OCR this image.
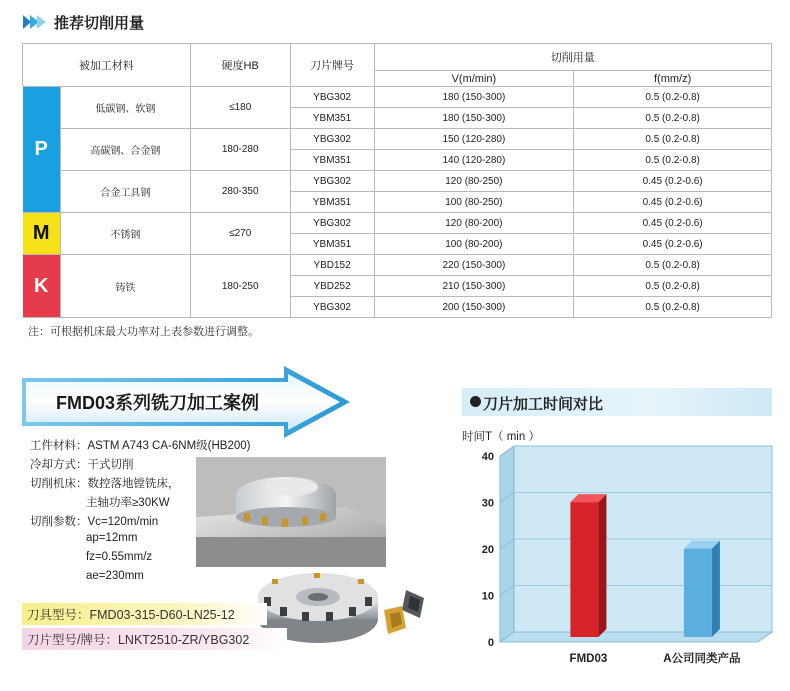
推荐切削用量
被加工材料		硬度HB	刀片牌号	切削用量	
				V(m/min)	f(mm/z)
P	低碳钢、软钢	≤180	YBG302	180 (150-300)	0.5 (0.2-0.8)
			YBM351	180 (150-300)	0.5 (0.2-0.8)
	高碳钢、合金钢	180-280	YBG302	150 (120-280)	0.5 (0.2-0.8)
			YBM351	140 (120-280)	0.5 (0.2-0.8)
	合金工具钢	280-350	YBG302	120 (80-250)	0.45 (0.2-0.6)
			YBM351	100 (80-250)	0.45 (0.2-0.6)
M	不锈钢	≤270	YBG302	120 (80-200)	0.45 (0.2-0.6)
			YBM351	100 (80-200)	0.45 (0.2-0.6)
K	铸铁	180-250	YBD152	220 (150-300)	0.5 (0.2-0.8)
			YBD252	210 (150-300)	0.5 (0.2-0.8)
			YBG302	200 (150-300)	0.5 (0.2-0.8)
注：可根据机床最大功率对上表参数进行调整。
FMD03系列铣刀加工案例
工件材料：ASTM A743 CA-6NM级(HB200)
冷却方式：干式切削
切削机床：数控落地镗铣床，
主轴功率≥30KW
切削参数：Vc=120m/min
ap=12mm
fz=0.55mm/z
ae=230mm
刀具型号：FMD03-315-D60-LN25-12
刀片型号/牌号：LNKT2510-ZR/YBG302
刀片加工时间对比
时间T（ min ）
0
10
20
30
40
FMD03	A公司同类产品
